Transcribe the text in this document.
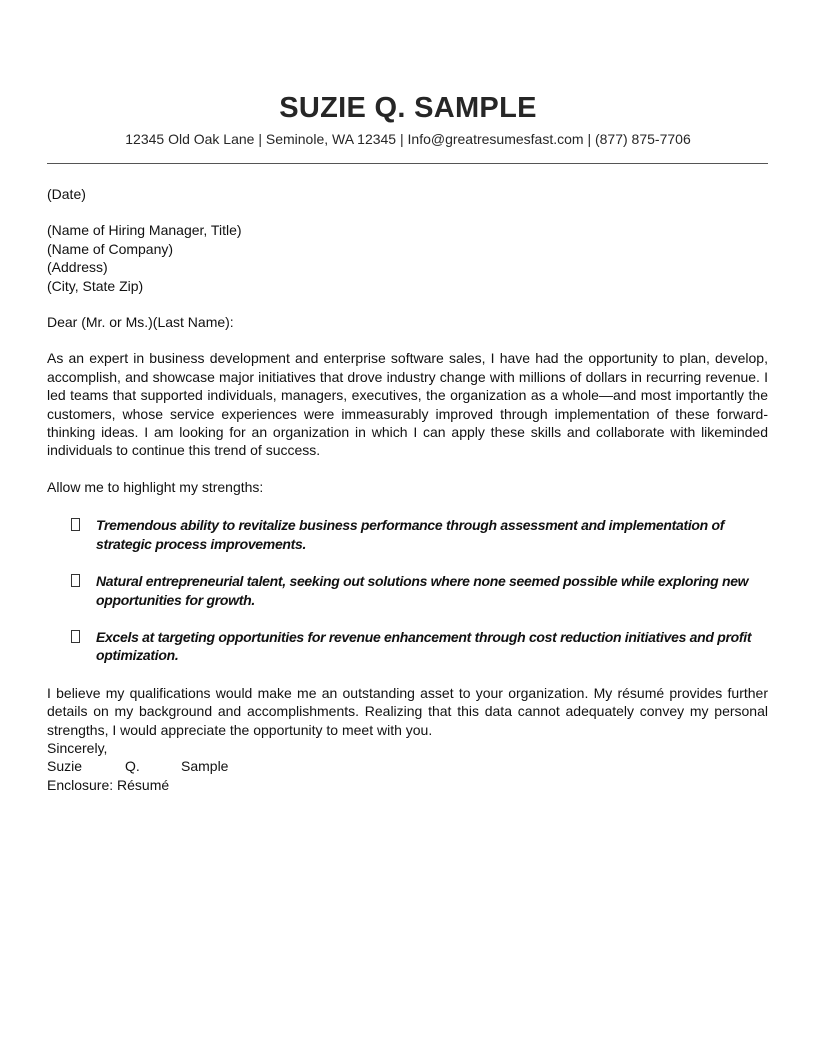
SUZIE Q. SAMPLE
12345 Old Oak Lane | Seminole, WA 12345 | Info@greatresumesfast.com | (877) 875-7706

(Date)

(Name of Hiring Manager, Title)

(Name of Company)

(Address)

(City, State Zip)

Dear (Mr. or Ms.)(Last Name):

As an expert in business development and enterprise software sales, I have had the opportunity to plan, develop, accomplish, and showcase major initiatives that drove industry change with millions of dollars in recurring revenue. I led teams that supported individuals, managers, executives, the organization as a whole—and most importantly the customers, whose service experiences were immeasurably improved through implementation of these forward-thinking ideas. I am looking for an organization in which I can apply these skills and collaborate with likeminded individuals to continue this trend of success.

Allow me to highlight my strengths:

Tremendous ability to revitalize business performance through assessment and implementation of strategic process improvements.
Natural entrepreneurial talent, seeking out solutions where none seemed possible while exploring new opportunities for growth.
Excels at targeting opportunities for revenue enhancement through cost reduction initiatives and profit optimization.

I believe my qualifications would make me an outstanding asset to your organization. My résumé provides further details on my background and accomplishments. Realizing that this data cannot adequately convey my personal strengths, I would appreciate the opportunity to meet with you.

Sincerely,

Suzie	Q.	Sample

Enclosure: Résumé
